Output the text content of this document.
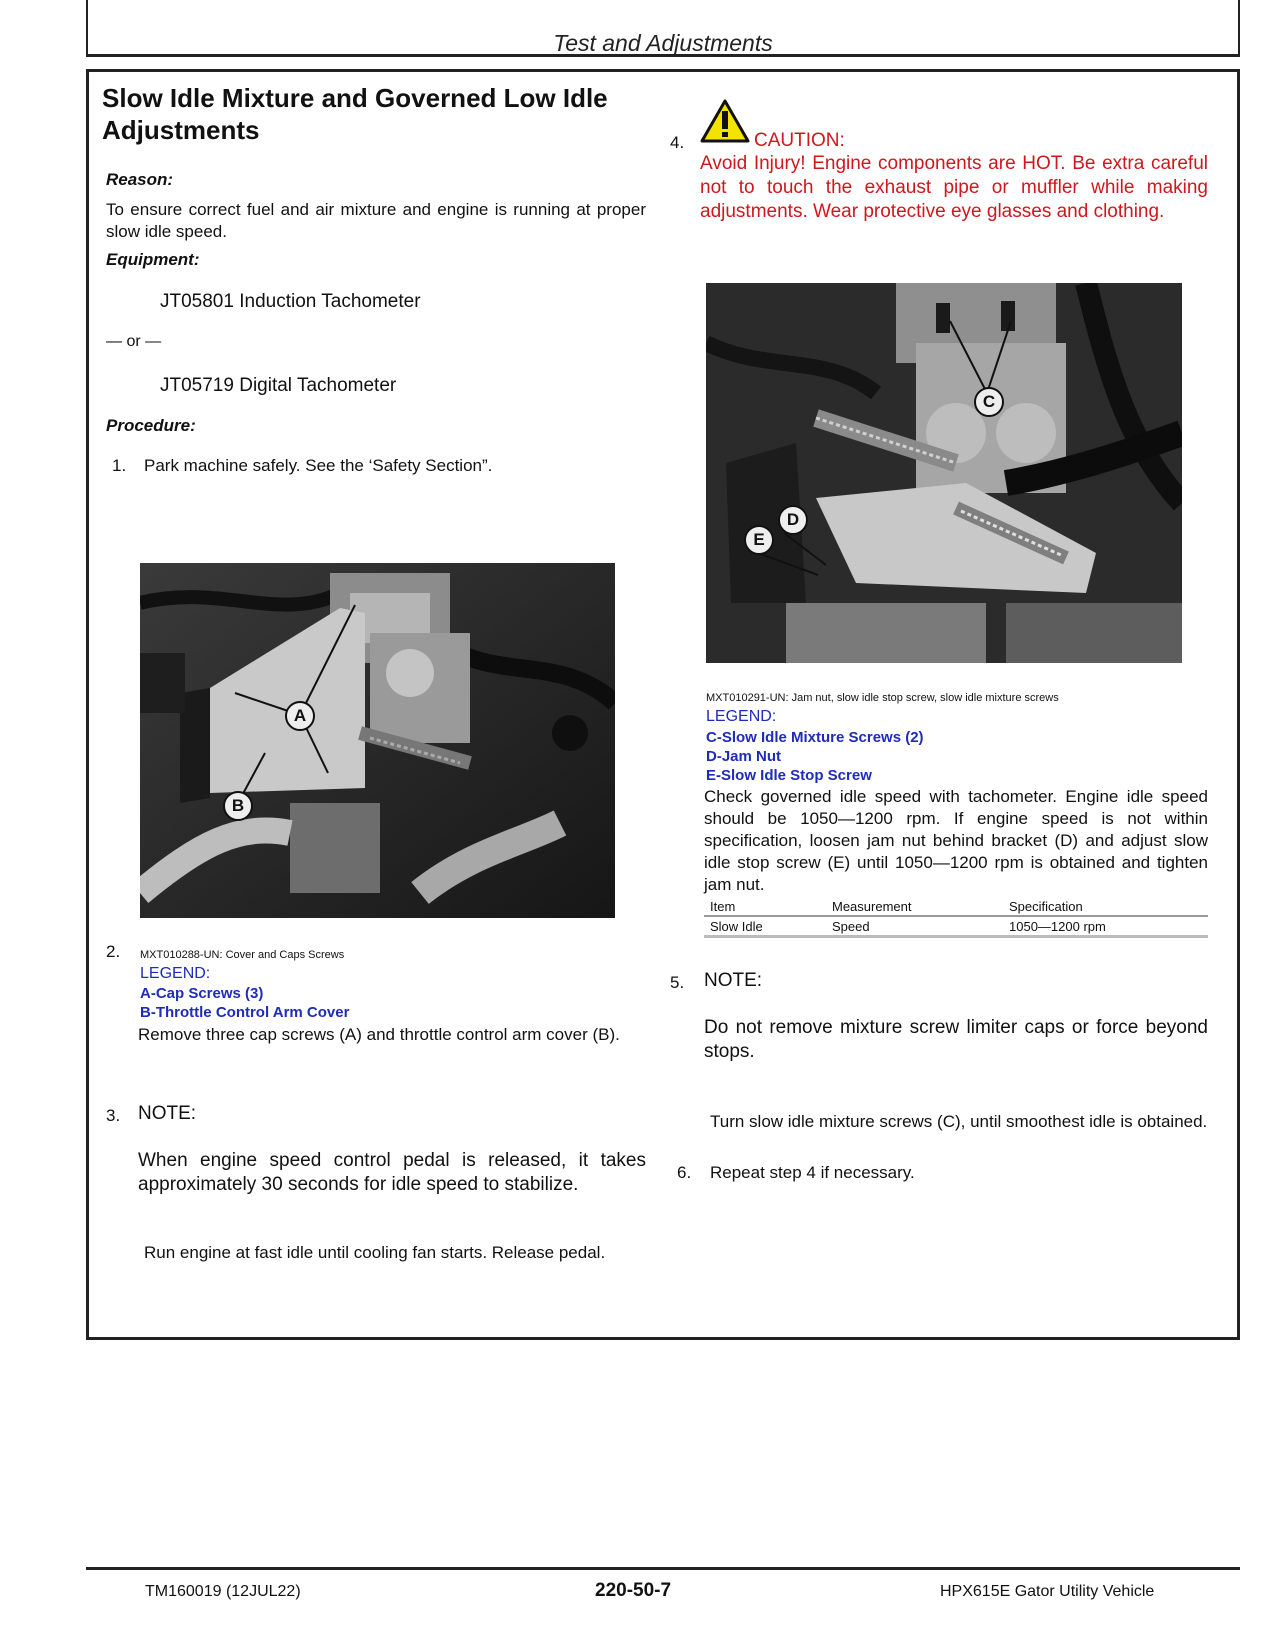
Test and Adjustments
Slow Idle Mixture and Governed Low Idle Adjustments
Reason:
To ensure correct fuel and air mixture and engine is running at proper slow idle speed.
Equipment:
JT05801 Induction Tachometer
— or —
JT05719 Digital Tachometer
Procedure:
1. Park machine safely. See the ‘Safety Section”.
A
B
2. MXT010288-UN: Cover and Caps Screws
LEGEND:
A-Cap Screws (3)
B-Throttle Control Arm Cover
Remove three cap screws (A) and throttle control arm cover (B).
3. NOTE:
When engine speed control pedal is released, it takes approximately 30 seconds for idle speed to stabilize.
Run engine at fast idle until cooling fan starts. Release pedal.
4.	CAUTION:
Avoid Injury! Engine components are HOT. Be extra careful not to touch the exhaust pipe or muffler while making adjustments. Wear protective eye glasses and clothing.
C
D
E
MXT010291-UN: Jam nut, slow idle stop screw, slow idle mixture screws
LEGEND:
C-Slow Idle Mixture Screws (2)
D-Jam Nut
E-Slow Idle Stop Screw
Check governed idle speed with tachometer. Engine idle speed should be 1050—1200 rpm. If engine speed is not within specification, loosen jam nut behind bracket (D) and adjust slow idle stop screw (E) until 1050—1200 rpm is obtained and tighten jam nut.
Item	Measurement	Specification
Slow Idle	Speed	1050—1200 rpm
5. NOTE:
Do not remove mixture screw limiter caps or force beyond stops.
Turn slow idle mixture screws (C), until smoothest idle is obtained.
6. Repeat step 4 if necessary.
TM160019 (12JUL22)	220-50-7	HPX615E Gator Utility Vehicle
